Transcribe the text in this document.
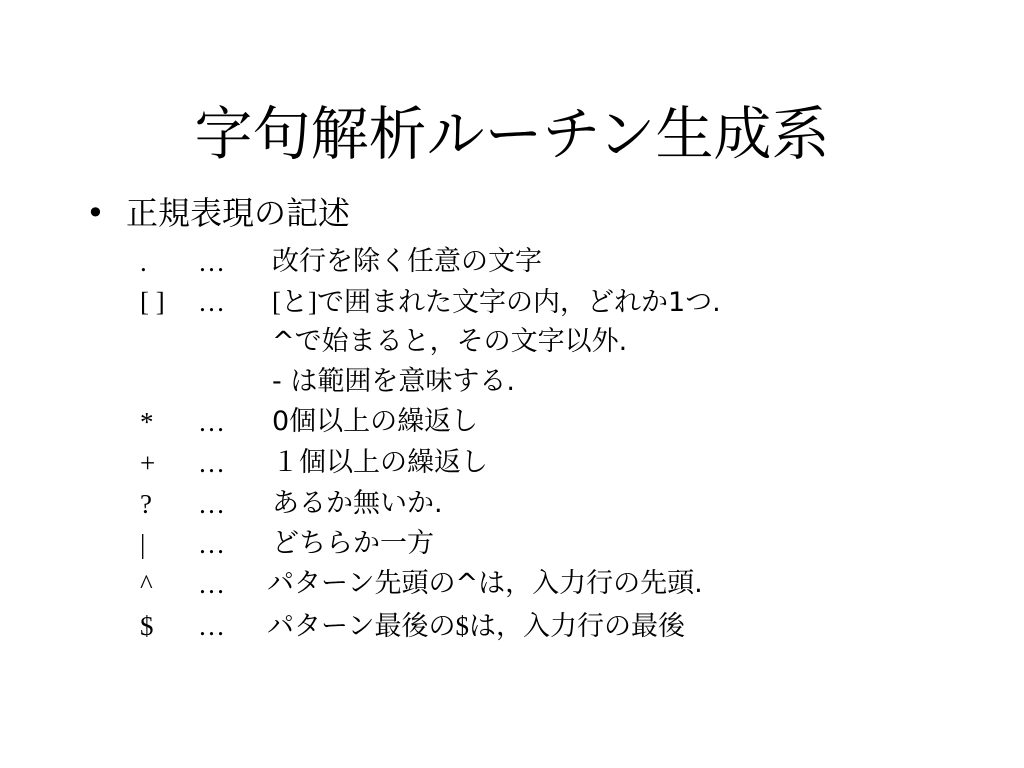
字句解析ルーチン生成系
• 正規表現の記述
. … 改行を除く任意の文字
[ ] … [と]で囲まれた文字の内，どれか1つ.
^で始まると，その文字以外.
- は範囲を意味する.
* … 0個以上の繰返し
+ … １個以上の繰返し
? … あるか無いか.
| … どちらか一方
^ … パターン先頭の^は，入力行の先頭.
$ … パターン最後の$は，入力行の最後
